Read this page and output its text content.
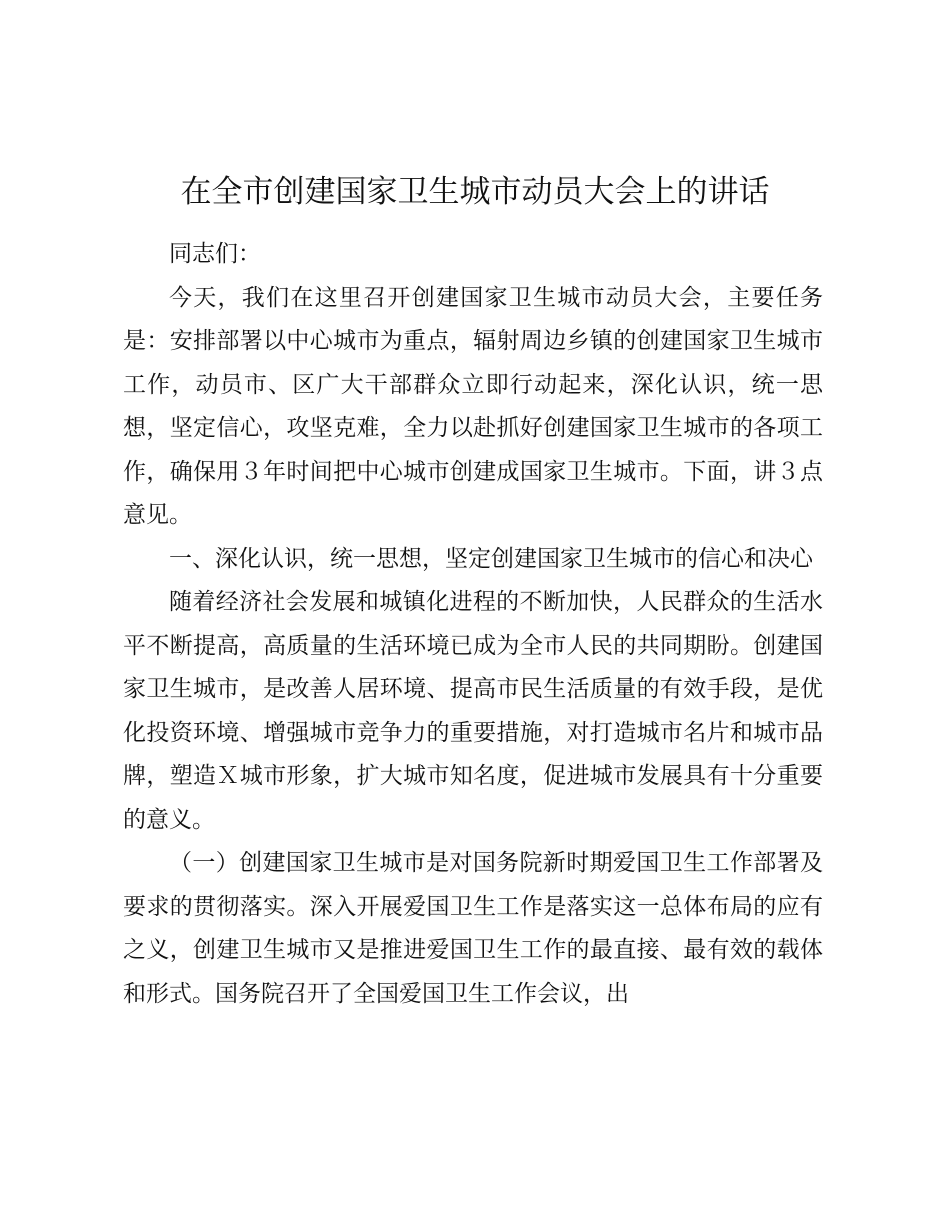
在全市创建国家卫生城市动员大会上的讲话

同志们：

今天，我们在这里召开创建国家卫生城市动员大会，主要任务是：安排部署以中心城市为重点，辐射周边乡镇的创建国家卫生城市工作，动员市、区广大干部群众立即行动起来，深化认识，统一思想，坚定信心，攻坚克难，全力以赴抓好创建国家卫生城市的各项工作，确保用３年时间把中心城市创建成国家卫生城市。下面，讲３点意见。

一、深化认识，统一思想，坚定创建国家卫生城市的信心和决心

随着经济社会发展和城镇化进程的不断加快，人民群众的生活水平不断提高，高质量的生活环境已成为全市人民的共同期盼。创建国家卫生城市，是改善人居环境、提高市民生活质量的有效手段，是优化投资环境、增强城市竞争力的重要措施，对打造城市名片和城市品牌，塑造Ｘ城市形象，扩大城市知名度，促进城市发展具有十分重要的意义。

（一）创建国家卫生城市是对国务院新时期爱国卫生工作部署及要求的贯彻落实。深入开展爱国卫生工作是落实这一总体布局的应有之义，创建卫生城市又是推进爱国卫生工作的最直接、最有效的载体和形式。国务院召开了全国爱国卫生工作会议，出
